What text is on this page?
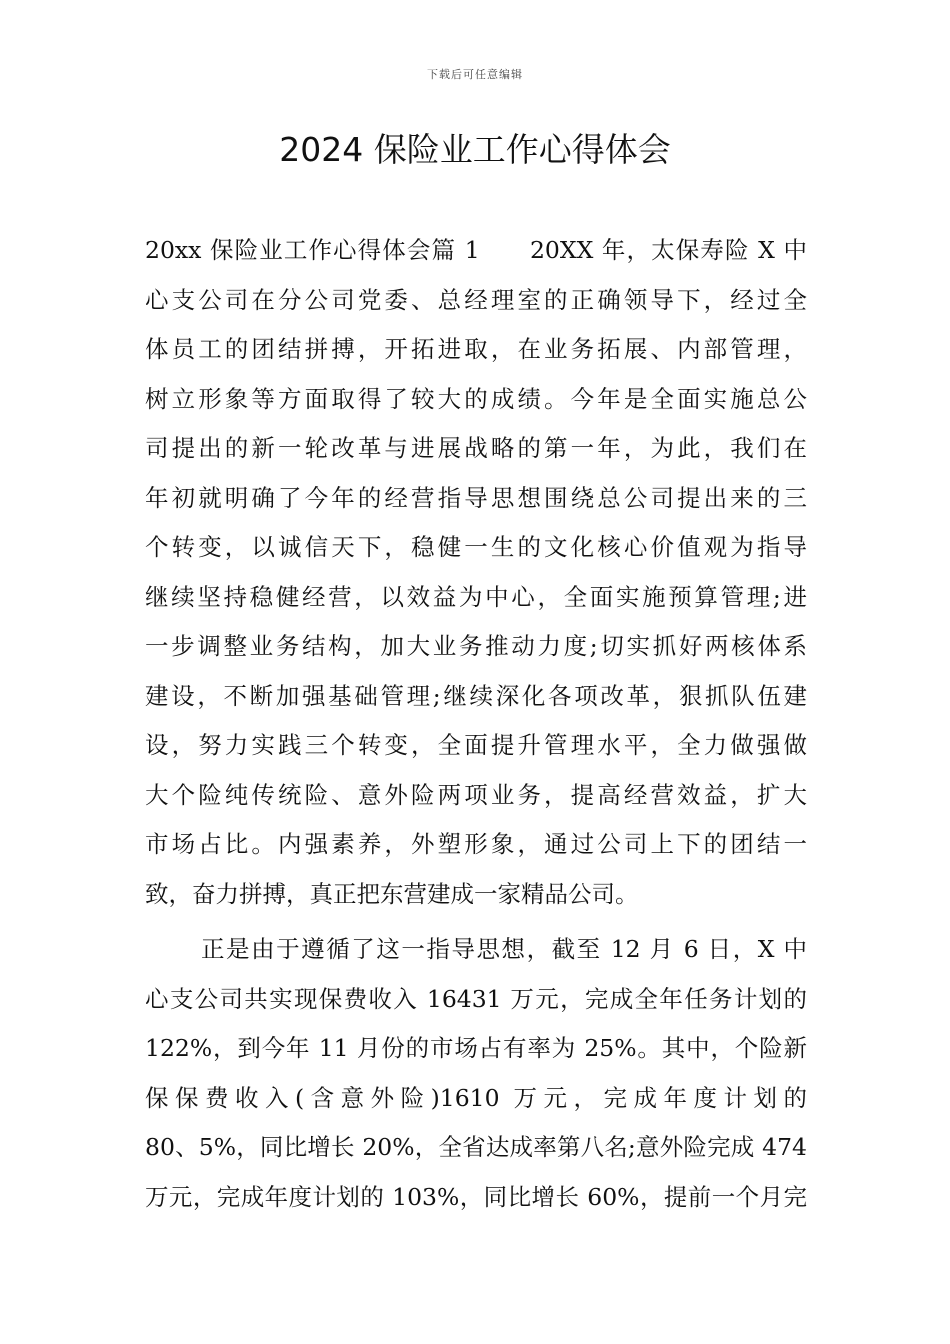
下载后可任意编辑
2024 保险业工作心得体会
20xx 保险业工作心得体会篇 1　　20XX 年，太保寿险 X 中
心支公司在分公司党委、总经理室的正确领导下，经过全
体员工的团结拼搏，开拓进取，在业务拓展、内部管理，
树立形象等方面取得了较大的成绩。今年是全面实施总公
司提出的新一轮改革与进展战略的第一年，为此，我们在
年初就明确了今年的经营指导思想围绕总公司提出来的三
个转变，以诚信天下，稳健一生的文化核心价值观为指导
继续坚持稳健经营，以效益为中心，全面实施预算管理;进
一步调整业务结构，加大业务推动力度;切实抓好两核体系
建设，不断加强基础管理;继续深化各项改革，狠抓队伍建
设，努力实践三个转变，全面提升管理水平，全力做强做
大个险纯传统险、意外险两项业务，提高经营效益，扩大
市场占比。内强素养，外塑形象，通过公司上下的团结一
致，奋力拼搏，真正把东营建成一家精品公司。
正是由于遵循了这一指导思想，截至 12 月 6 日，X 中
心支公司共实现保费收入 16431 万元，完成全年任务计划的
122%，到今年 11 月份的市场占有率为 25%。其中，个险新
保保费收入(含意外险)1610 万元，完成年度计划的
80、5%，同比增长 20%，全省达成率第八名;意外险完成 474
万元，完成年度计划的 103%，同比增长 60%，提前一个月完
